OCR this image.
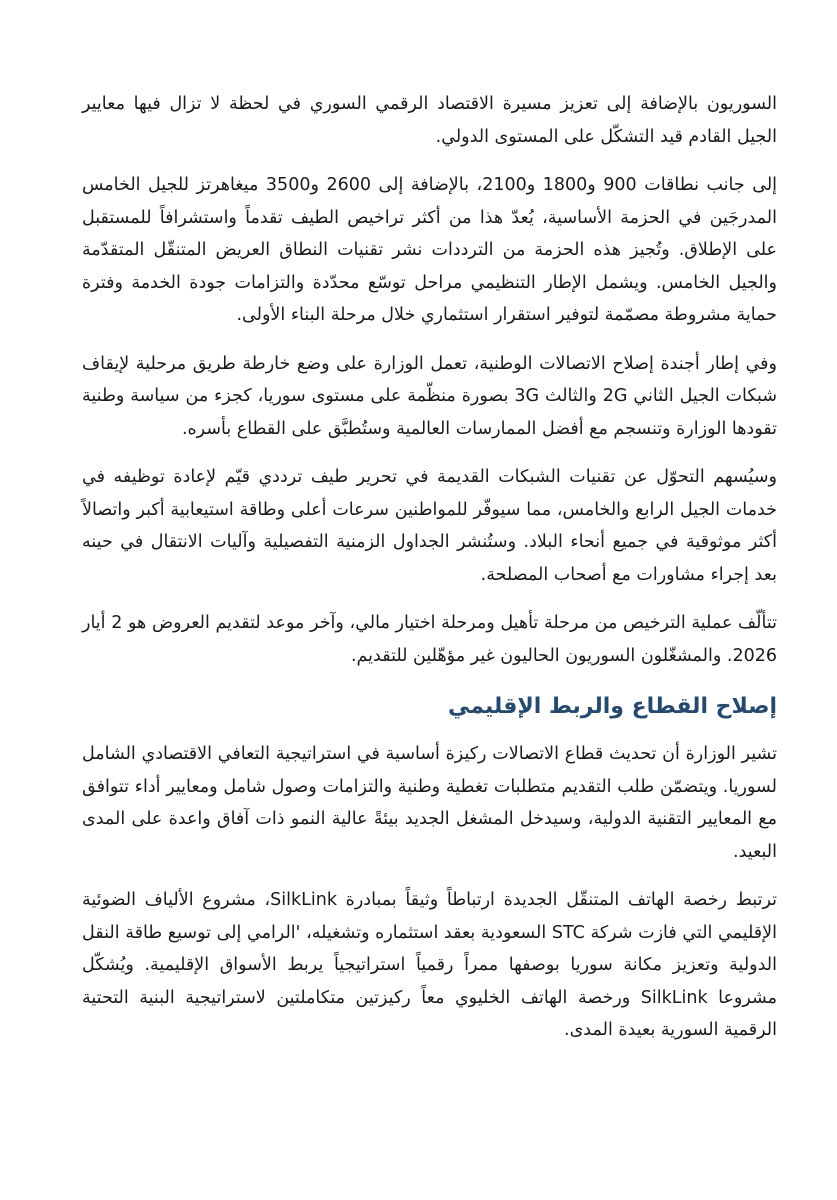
السوريون بالإضافة إلى تعزيز مسيرة الاقتصاد الرقمي السوري في لحظة لا تزال فيها معايير الجيل القادم قيد التشكّل على المستوى الدولي.

إلى جانب نطاقات 900 و1800 و2100، بالإضافة إلى 2600 و3500 ميغاهرتز للجيل الخامس المدرجَين في الحزمة الأساسية، يُعدّ هذا من أكثر تراخيص الطيف تقدماً واستشرافاً للمستقبل على الإطلاق. وتُجيز هذه الحزمة من الترددات نشر تقنيات النطاق العريض المتنقّل المتقدّمة والجيل الخامس. ويشمل الإطار التنظيمي مراحل توسّع محدّدة والتزامات جودة الخدمة وفترة حماية مشروطة مصمّمة لتوفير استقرار استثماري خلال مرحلة البناء الأولى.

وفي إطار أجندة إصلاح الاتصالات الوطنية، تعمل الوزارة على وضع خارطة طريق مرحلية لإيقاف شبكات الجيل الثاني 2G والثالث 3G بصورة منظّمة على مستوى سوريا، كجزء من سياسة وطنية تقودها الوزارة وتنسجم مع أفضل الممارسات العالمية وستُطبَّق على القطاع بأسره.

وسيُسهم التحوّل عن تقنيات الشبكات القديمة في تحرير طيف ترددي قيّم لإعادة توظيفه في خدمات الجيل الرابع والخامس، مما سيوفّر للمواطنين سرعات أعلى وطاقة استيعابية أكبر واتصالاً أكثر موثوقية في جميع أنحاء البلاد. وستُنشر الجداول الزمنية التفصيلية وآليات الانتقال في حينه بعد إجراء مشاورات مع أصحاب المصلحة.

تتألّف عملية الترخيص من مرحلة تأهيل ومرحلة اختيار مالي، وآخر موعد لتقديم العروض هو 2 أيار 2026. والمشغّلون السوريون الحاليون غير مؤهّلين للتقديم.

إصلاح القطاع والربط الإقليمي

تشير الوزارة أن تحديث قطاع الاتصالات ركيزة أساسية في استراتيجية التعافي الاقتصادي الشامل لسوريا. ويتضمّن طلب التقديم متطلبات تغطية وطنية والتزامات وصول شامل ومعايير أداء تتوافق مع المعايير التقنية الدولية، وسيدخل المشغل الجديد بيئةً عالية النمو ذات آفاق واعدة على المدى البعيد.

ترتبط رخصة الهاتف المتنقّل الجديدة ارتباطاً وثيقاً بمبادرة SilkLink، مشروع الألياف الضوئية الإقليمي التي فازت شركة STC السعودية بعقد استثماره وتشغيله، 'الرامي إلى توسيع طاقة النقل الدولية وتعزيز مكانة سوريا بوصفها ممراً رقمياً استراتيجياً يربط الأسواق الإقليمية. ويُشكّل مشروعا SilkLink ورخصة الهاتف الخليوي معاً ركيزتين متكاملتين لاستراتيجية البنية التحتية الرقمية السورية بعيدة المدى.
